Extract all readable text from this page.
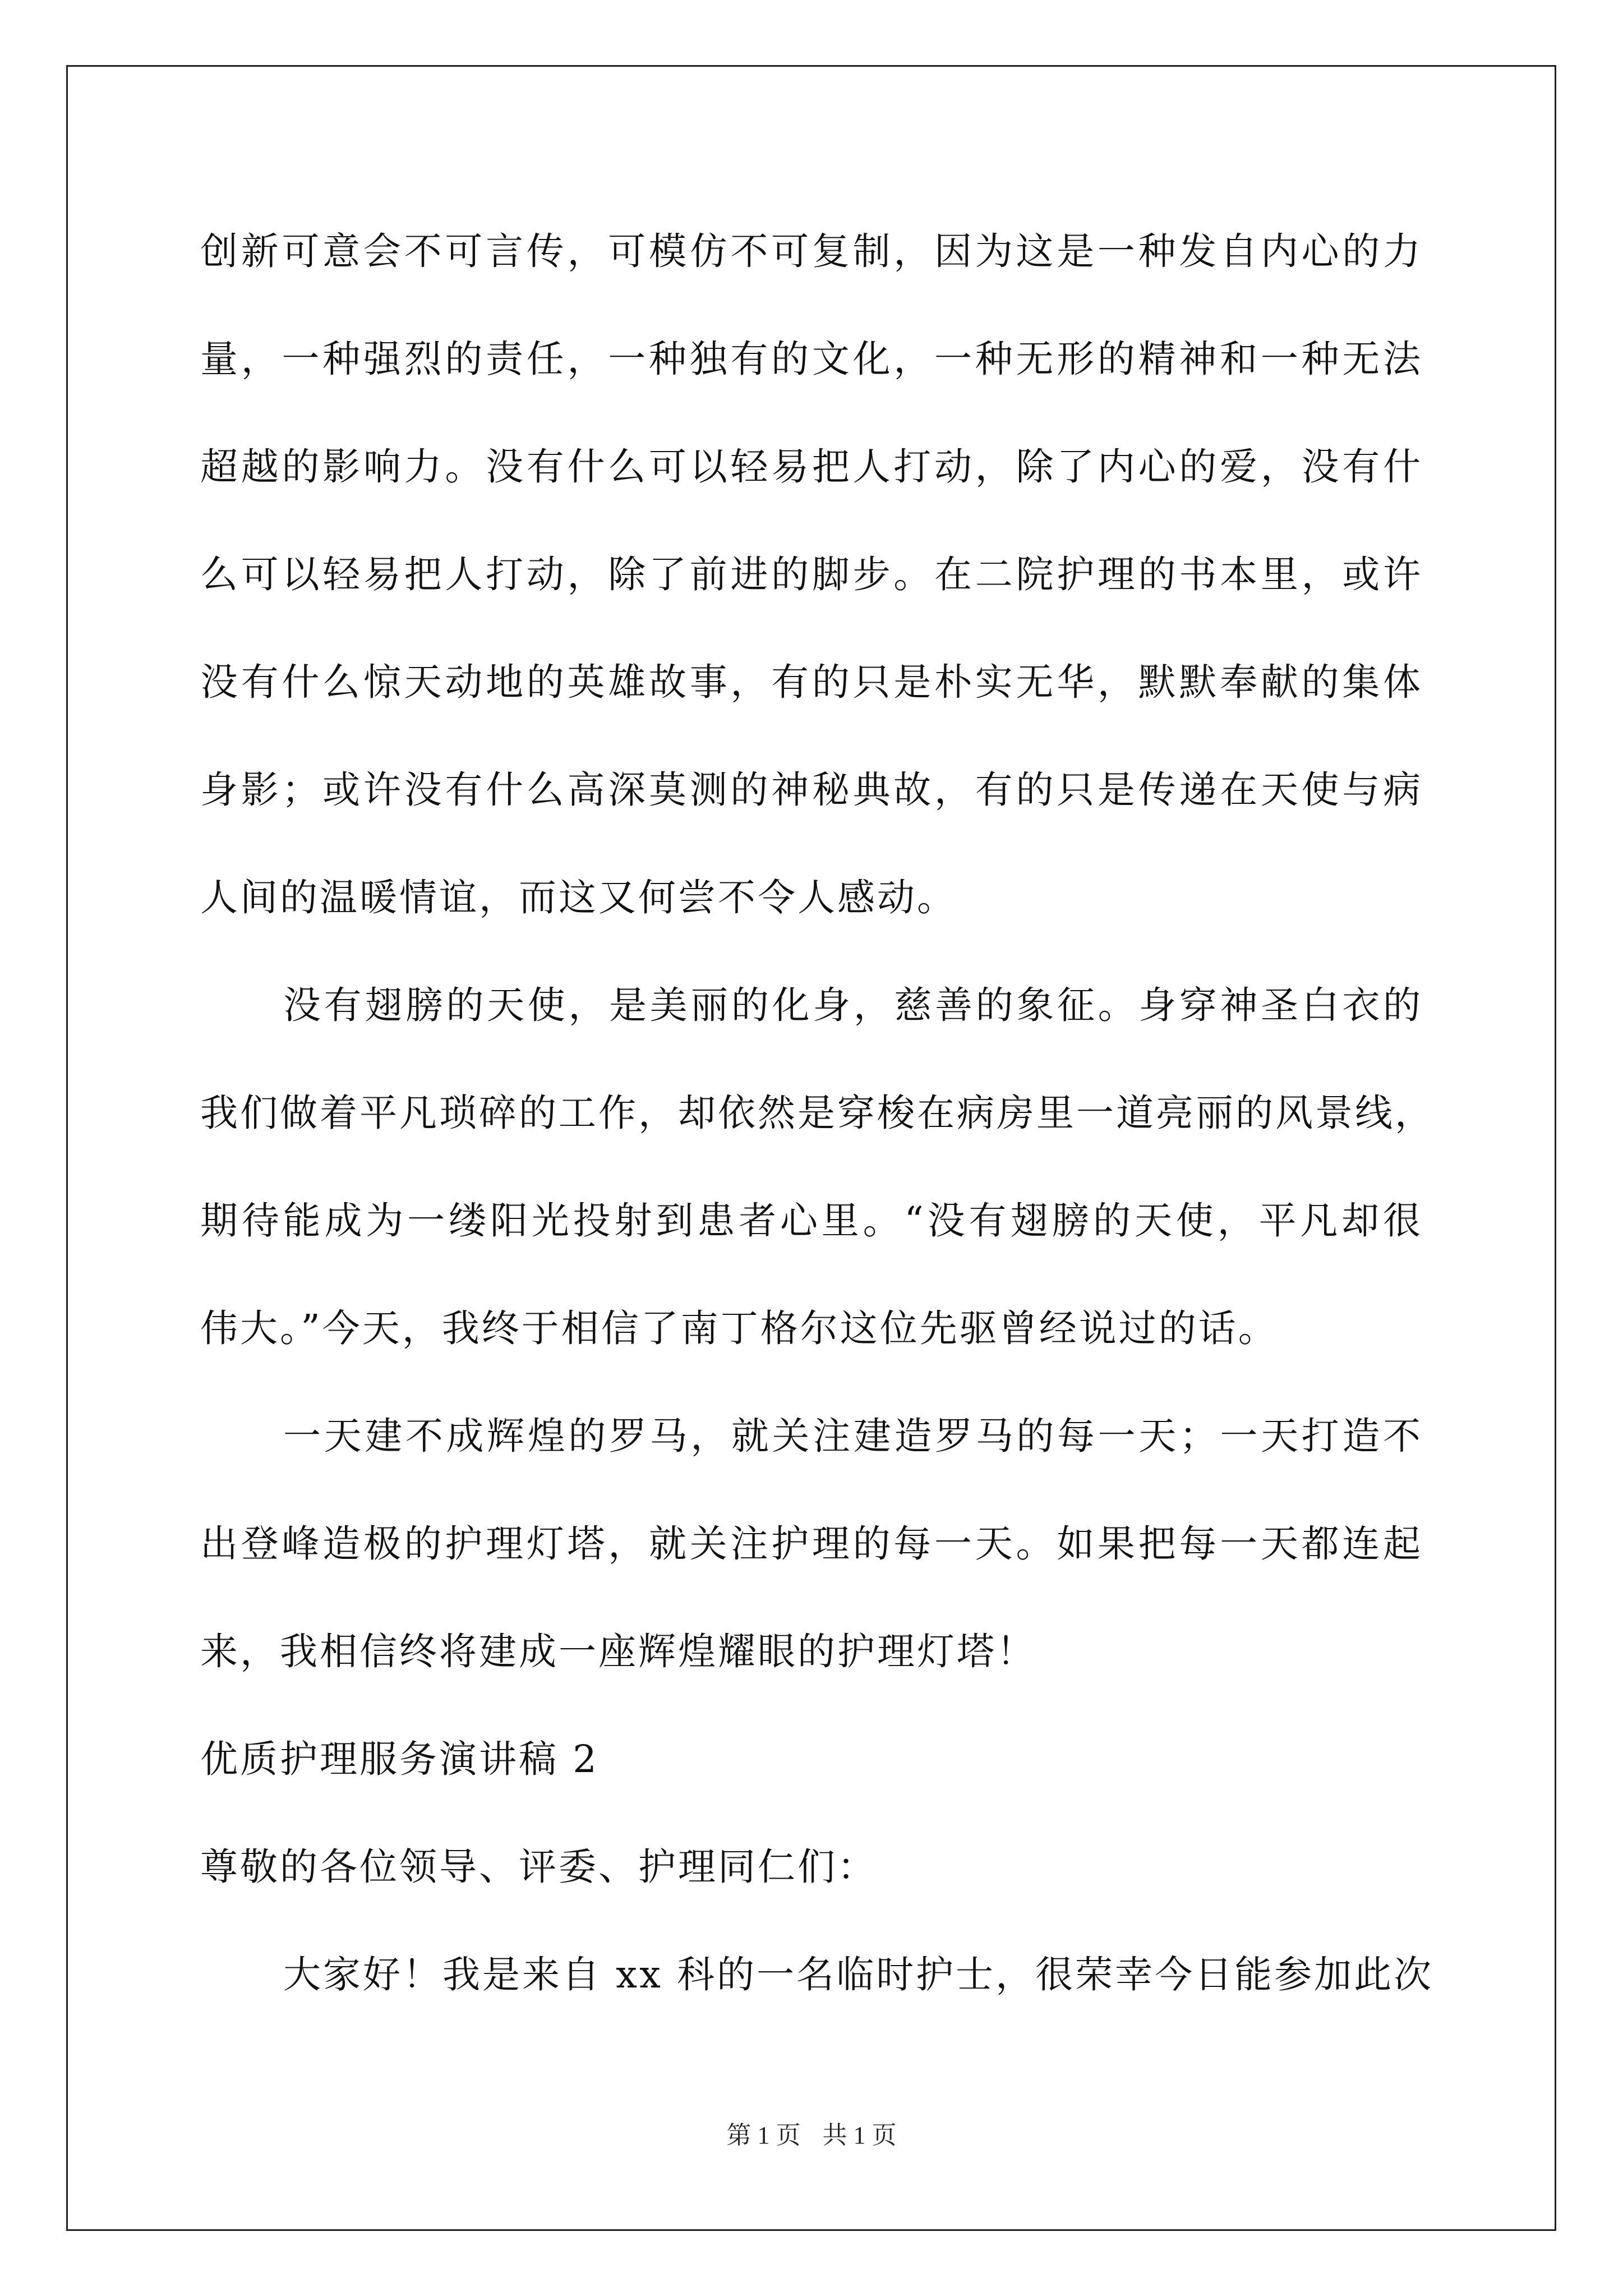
创新可意会不可言传，可模仿不可复制，因为这是一种发自内心的力
量，一种强烈的责任，一种独有的文化，一种无形的精神和一种无法
超越的影响力。没有什么可以轻易把人打动，除了内心的爱，没有什
么可以轻易把人打动，除了前进的脚步。在二院护理的书本里，或许
没有什么惊天动地的英雄故事，有的只是朴实无华，默默奉献的集体
身影；或许没有什么高深莫测的神秘典故，有的只是传递在天使与病
人间的温暖情谊，而这又何尝不令人感动。
没有翅膀的天使，是美丽的化身，慈善的象征。身穿神圣白衣的
我们做着平凡琐碎的工作，却依然是穿梭在病房里一道亮丽的风景线，
期待能成为一缕阳光投射到患者心里。“没有翅膀的天使，平凡却很
伟大。”今天，我终于相信了南丁格尔这位先驱曾经说过的话。
一天建不成辉煌的罗马，就关注建造罗马的每一天；一天打造不
出登峰造极的护理灯塔，就关注护理的每一天。如果把每一天都连起
来，我相信终将建成一座辉煌耀眼的护理灯塔！
优质护理服务演讲稿 2
尊敬的各位领导、评委、护理同仁们：
大家好！我是来自 xx 科的一名临时护士，很荣幸今日能参加此次
第 1 页 共 1 页
